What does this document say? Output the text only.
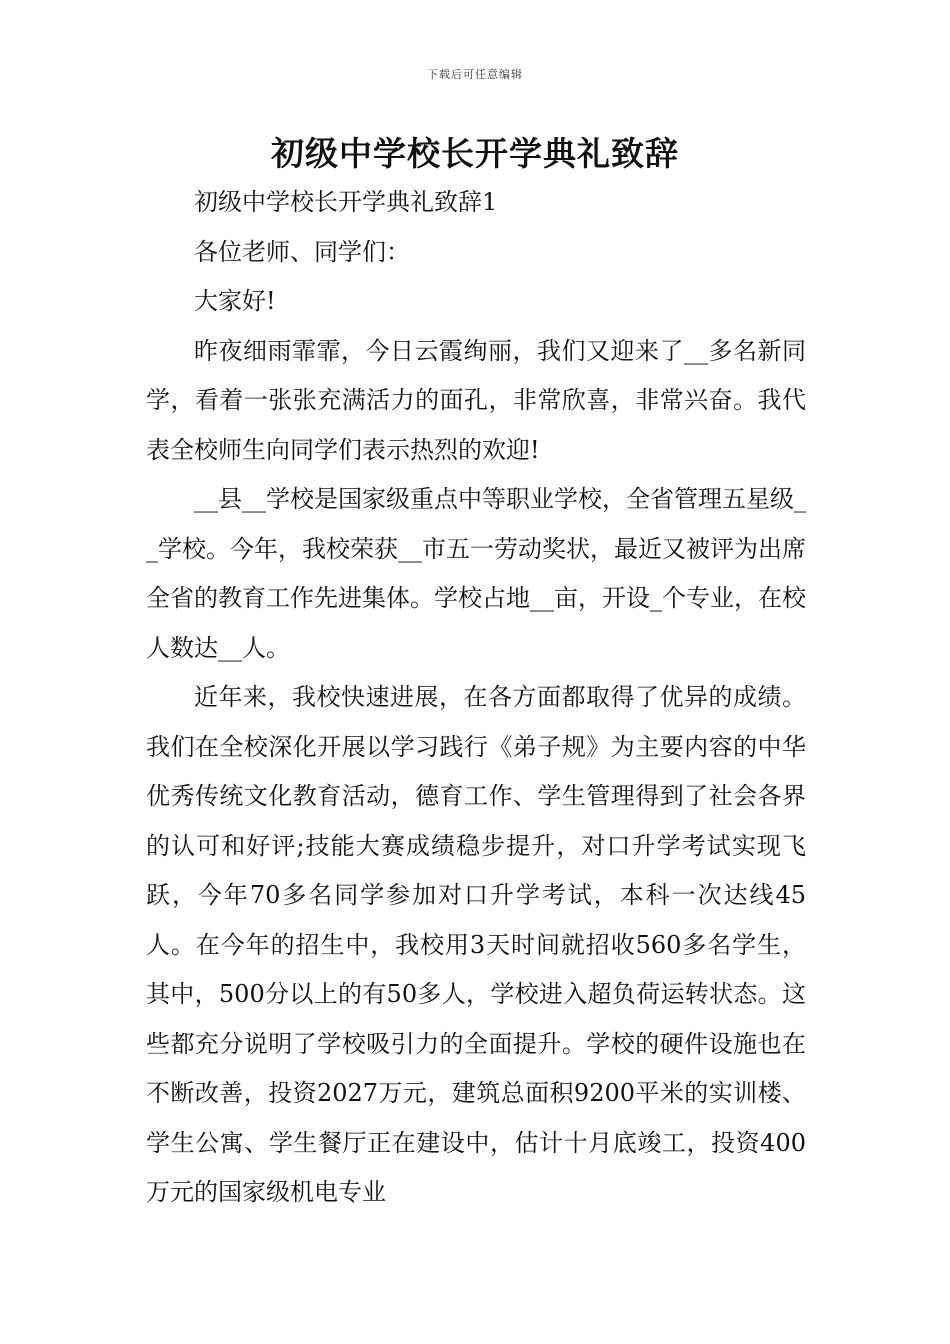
下载后可任意编辑
初级中学校长开学典礼致辞

初级中学校长开学典礼致辞1

各位老师、同学们：

大家好!

昨夜细雨霏霏，今日云霞绚丽，我们又迎来了__多名新同学，看着一张张充满活力的面孔，非常欣喜，非常兴奋。我代表全校师生向同学们表示热烈的欢迎!

__县__学校是国家级重点中等职业学校，全省管理五星级__学校。今年，我校荣获__市五一劳动奖状，最近又被评为出席全省的教育工作先进集体。学校占地__亩，开设_个专业，在校人数达__人。

近年来，我校快速进展，在各方面都取得了优异的成绩。我们在全校深化开展以学习践行《弟子规》为主要内容的中华优秀传统文化教育活动，德育工作、学生管理得到了社会各界的认可和好评;技能大赛成绩稳步提升，对口升学考试实现飞跃，今年70多名同学参加对口升学考试，本科一次达线45人。在今年的招生中，我校用3天时间就招收560多名学生，其中，500分以上的有50多人，学校进入超负荷运转状态。这些都充分说明了学校吸引力的全面提升。学校的硬件设施也在不断改善，投资2027万元，建筑总面积9200平米的实训楼、学生公寓、学生餐厅正在建设中，估计十月底竣工，投资400万元的国家级机电专业
